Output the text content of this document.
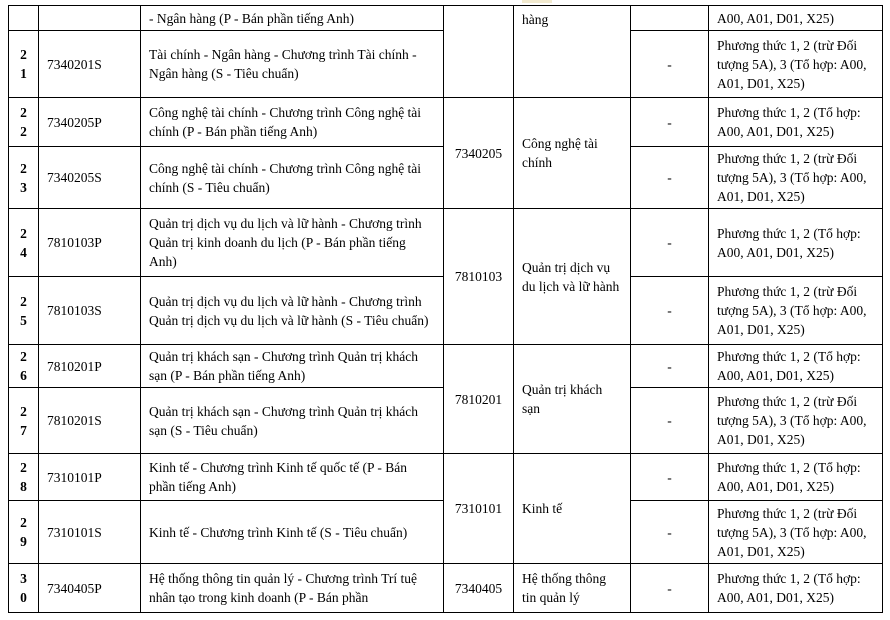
		- Ngân hàng (P - Bán phần tiếng Anh)		hàng		A00, A01, D01, X25)
21	7340201S	Tài chính - Ngân hàng - Chương trình Tài chính - Ngân hàng (S - Tiêu chuẩn)			-	Phương thức 1, 2 (trừ Đối tượng 5A), 3 (Tổ hợp: A00, A01, D01, X25)
22	7340205P	Công nghệ tài chính - Chương trình Công nghệ tài chính (P - Bán phần tiếng Anh)	7340205	Công nghệ tài chính	-	Phương thức 1, 2 (Tổ hợp: A00, A01, D01, X25)
23	7340205S	Công nghệ tài chính - Chương trình Công nghệ tài chính (S - Tiêu chuẩn)			-	Phương thức 1, 2 (trừ Đối tượng 5A), 3 (Tổ hợp: A00, A01, D01, X25)
24	7810103P	Quản trị dịch vụ du lịch và lữ hành - Chương trình Quản trị kinh doanh du lịch (P - Bán phần tiếng Anh)	7810103	Quản trị dịch vụ du lịch và lữ hành	-	Phương thức 1, 2 (Tổ hợp: A00, A01, D01, X25)
25	7810103S	Quản trị dịch vụ du lịch và lữ hành - Chương trình Quản trị dịch vụ du lịch và lữ hành (S - Tiêu chuẩn)			-	Phương thức 1, 2 (trừ Đối tượng 5A), 3 (Tổ hợp: A00, A01, D01, X25)
26	7810201P	Quản trị khách sạn - Chương trình Quản trị khách sạn (P - Bán phần tiếng Anh)	7810201	Quản trị khách sạn	-	Phương thức 1, 2 (Tổ hợp: A00, A01, D01, X25)
27	7810201S	Quản trị khách sạn - Chương trình Quản trị khách sạn (S - Tiêu chuẩn)			-	Phương thức 1, 2 (trừ Đối tượng 5A), 3 (Tổ hợp: A00, A01, D01, X25)
28	7310101P	Kinh tế - Chương trình Kinh tế quốc tế (P - Bán phần tiếng Anh)	7310101	Kinh tế	-	Phương thức 1, 2 (Tổ hợp: A00, A01, D01, X25)
29	7310101S	Kinh tế - Chương trình Kinh tế (S - Tiêu chuẩn)			-	Phương thức 1, 2 (trừ Đối tượng 5A), 3 (Tổ hợp: A00, A01, D01, X25)
30	7340405P	Hệ thống thông tin quản lý - Chương trình Trí tuệ nhân tạo trong kinh doanh (P - Bán phần	7340405	Hệ thống thông tin quản lý	-	Phương thức 1, 2 (Tổ hợp: A00, A01, D01, X25)
